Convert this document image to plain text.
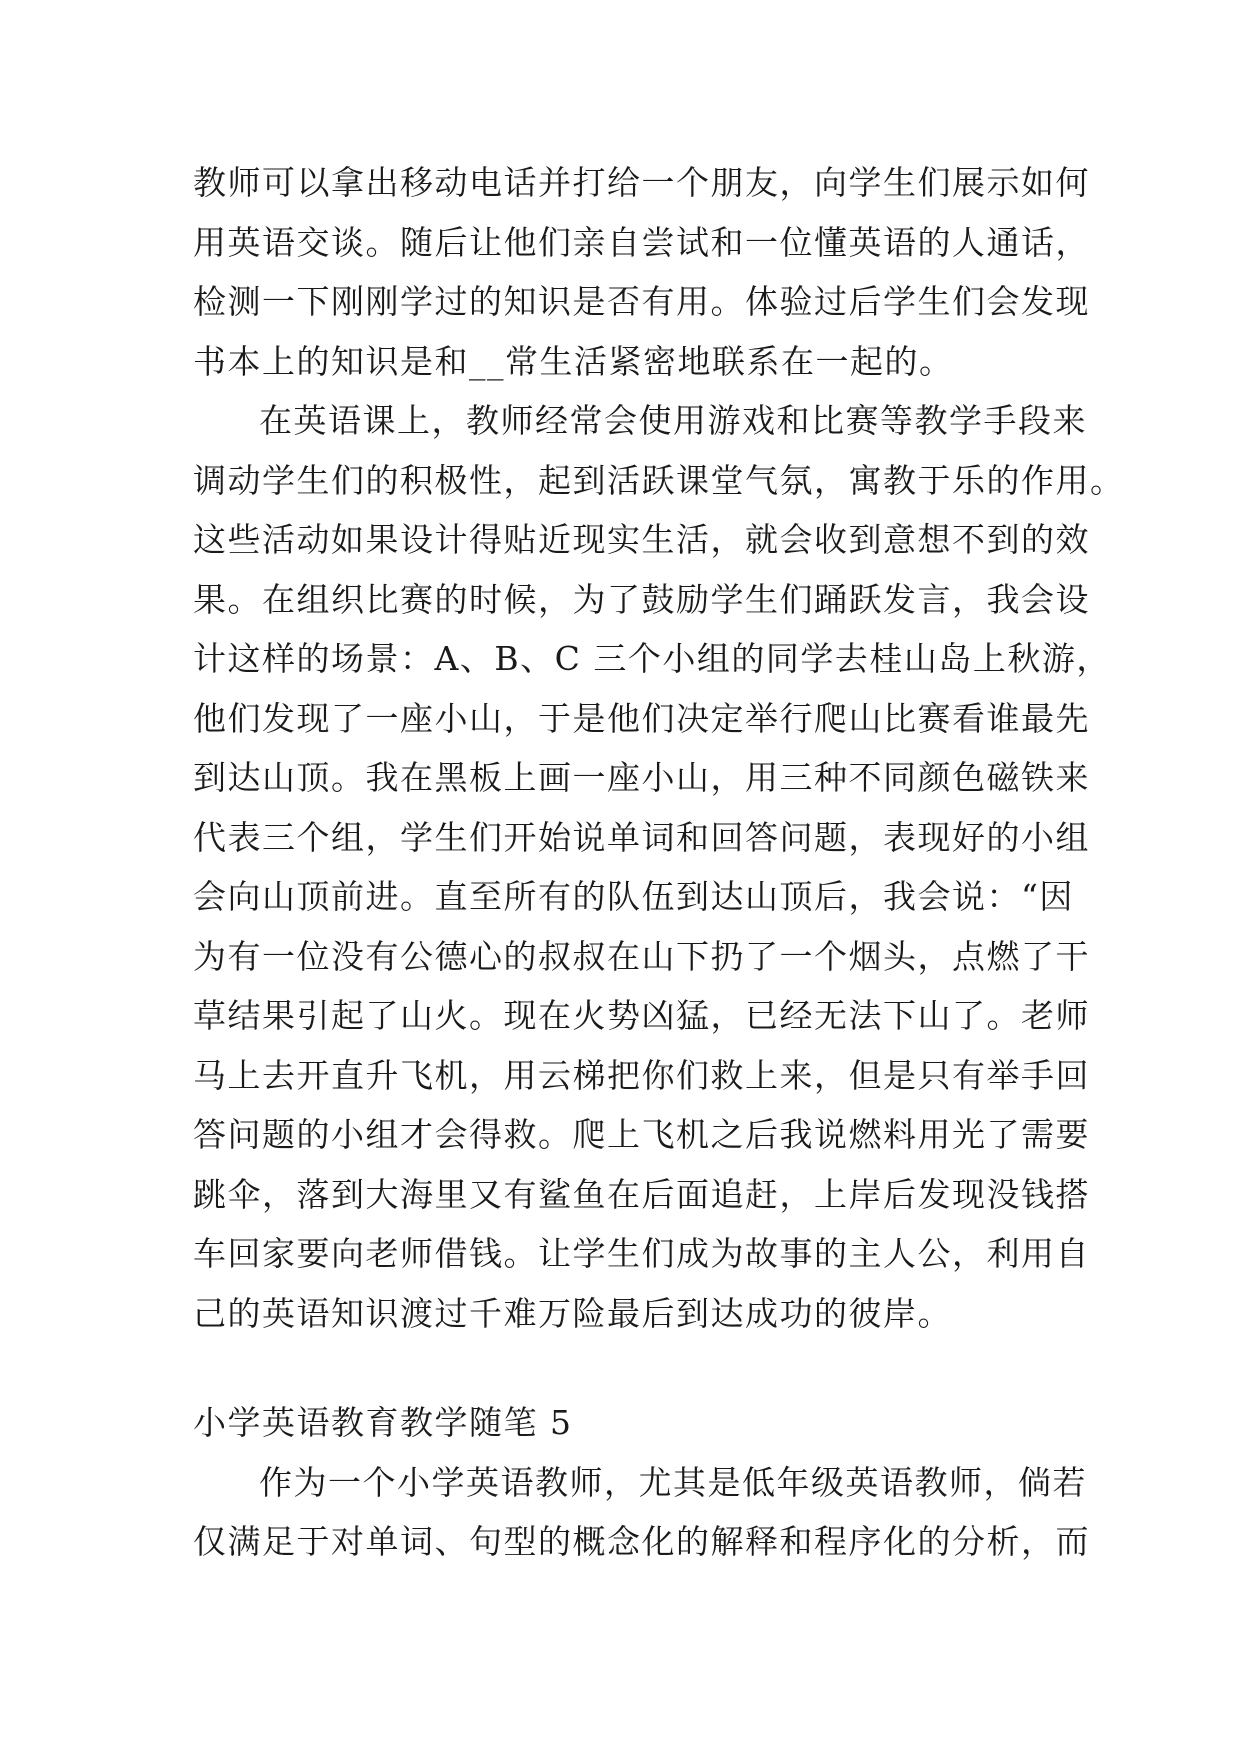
教师可以拿出移动电话并打给一个朋友，向学生们展示如何
用英语交谈。随后让他们亲自尝试和一位懂英语的人通话，
检测一下刚刚学过的知识是否有用。体验过后学生们会发现
书本上的知识是和__常生活紧密地联系在一起的。
在英语课上，教师经常会使用游戏和比赛等教学手段来
调动学生们的积极性，起到活跃课堂气氛，寓教于乐的作用。
这些活动如果设计得贴近现实生活，就会收到意想不到的效
果。在组织比赛的时候，为了鼓励学生们踊跃发言，我会设
计这样的场景：A、B、C 三个小组的同学去桂山岛上秋游，
他们发现了一座小山，于是他们决定举行爬山比赛看谁最先
到达山顶。我在黑板上画一座小山，用三种不同颜色磁铁来
代表三个组，学生们开始说单词和回答问题，表现好的小组
会向山顶前进。直至所有的队伍到达山顶后，我会说：“因
为有一位没有公德心的叔叔在山下扔了一个烟头，点燃了干
草结果引起了山火。现在火势凶猛，已经无法下山了。老师
马上去开直升飞机，用云梯把你们救上来，但是只有举手回
答问题的小组才会得救。爬上飞机之后我说燃料用光了需要
跳伞，落到大海里又有鲨鱼在后面追赶，上岸后发现没钱搭
车回家要向老师借钱。让学生们成为故事的主人公，利用自
己的英语知识渡过千难万险最后到达成功的彼岸。
小学英语教育教学随笔 5
作为一个小学英语教师，尤其是低年级英语教师，倘若
仅满足于对单词、句型的概念化的解释和程序化的分析，而
